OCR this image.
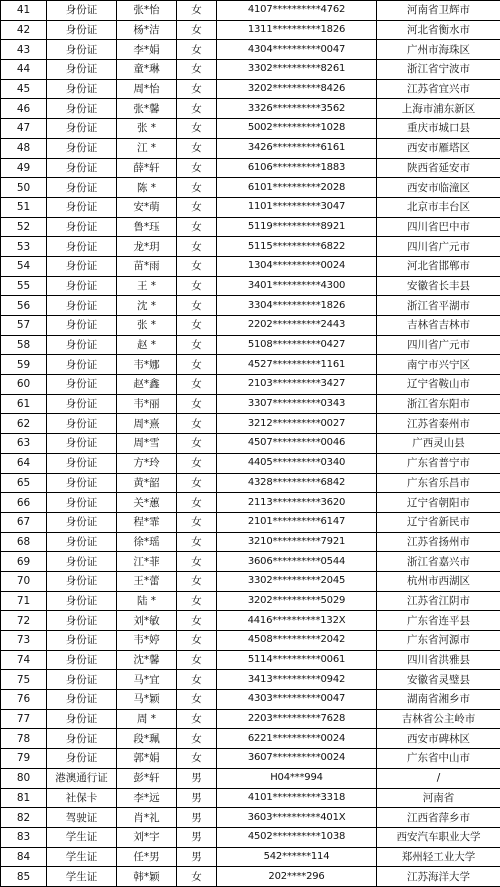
41	身份证	张*怡	女	4107**********4762	河南省卫辉市
42	身份证	杨*洁	女	1311**********1826	河北省衡水市
43	身份证	李*娟	女	4304**********0047	广州市海珠区
44	身份证	童*琳	女	3302**********8261	浙江省宁波市
45	身份证	周*怡	女	3202**********8426	江苏省宜兴市
46	身份证	张*馨	女	3326**********3562	上海市浦东新区
47	身份证	张 *	女	5002**********1028	重庆市城口县
48	身份证	江 *	女	3426**********6161	西安市雁塔区
49	身份证	薛*轩	女	6106**********1883	陕西省延安市
50	身份证	陈 *	女	6101**********2028	西安市临潼区
51	身份证	安*萌	女	1101**********3047	北京市丰台区
52	身份证	鲁*珏	女	5119**********8921	四川省巴中市
53	身份证	龙*玥	女	5115**********6822	四川省广元市
54	身份证	苗*雨	女	1304**********0024	河北省邯郸市
55	身份证	王 *	女	3401**********4300	安徽省长丰县
56	身份证	沈 *	女	3304**********1826	浙江省平湖市
57	身份证	张 *	女	2202**********2443	吉林省吉林市
58	身份证	赵 *	女	5108**********0427	四川省广元市
59	身份证	韦*娜	女	4527**********1161	南宁市兴宁区
60	身份证	赵*鑫	女	2103**********3427	辽宁省鞍山市
61	身份证	韦*丽	女	3307**********0343	浙江省东阳市
62	身份证	周*熹	女	3212**********0027	江苏省泰州市
63	身份证	周*雪	女	4507**********0046	广西灵山县
64	身份证	方*玲	女	4405**********0340	广东省普宁市
65	身份证	黄*韶	女	4328**********6842	广东省乐昌市
66	身份证	关*蕙	女	2113**********3620	辽宁省朝阳市
67	身份证	程*霏	女	2101**********6147	辽宁省新民市
68	身份证	徐*瑶	女	3210**********7921	江苏省扬州市
69	身份证	江*菲	女	3606**********0544	浙江省嘉兴市
70	身份证	王*蕾	女	3302**********2045	杭州市西湖区
71	身份证	陆 *	女	3202**********5029	江苏省江阴市
72	身份证	刘*敏	女	4416**********132X	广东省连平县
73	身份证	韦*婷	女	4508**********2042	广东省河源市
74	身份证	沈*馨	女	5114**********0061	四川省洪雅县
75	身份证	马*宜	女	3413**********0942	安徽省灵璧县
76	身份证	马*颖	女	4303**********0047	湖南省湘乡市
77	身份证	周 *	女	2203**********7628	吉林省公主岭市
78	身份证	段*珮	女	6221**********0024	西安市碑林区
79	身份证	郭*娟	女	3607**********0024	广东省中山市
80	港澳通行证	彭*轩	男	H04***994	/
81	社保卡	李*远	男	4101**********3318	河南省
82	驾驶证	肖*礼	男	3603**********401X	江西省萍乡市
83	学生证	刘*宇	男	4502**********1038	西安汽车职业大学
84	学生证	任*男	男	542******114	郑州轻工业大学
85	学生证	韩*颖	女	202****296	江苏海洋大学
